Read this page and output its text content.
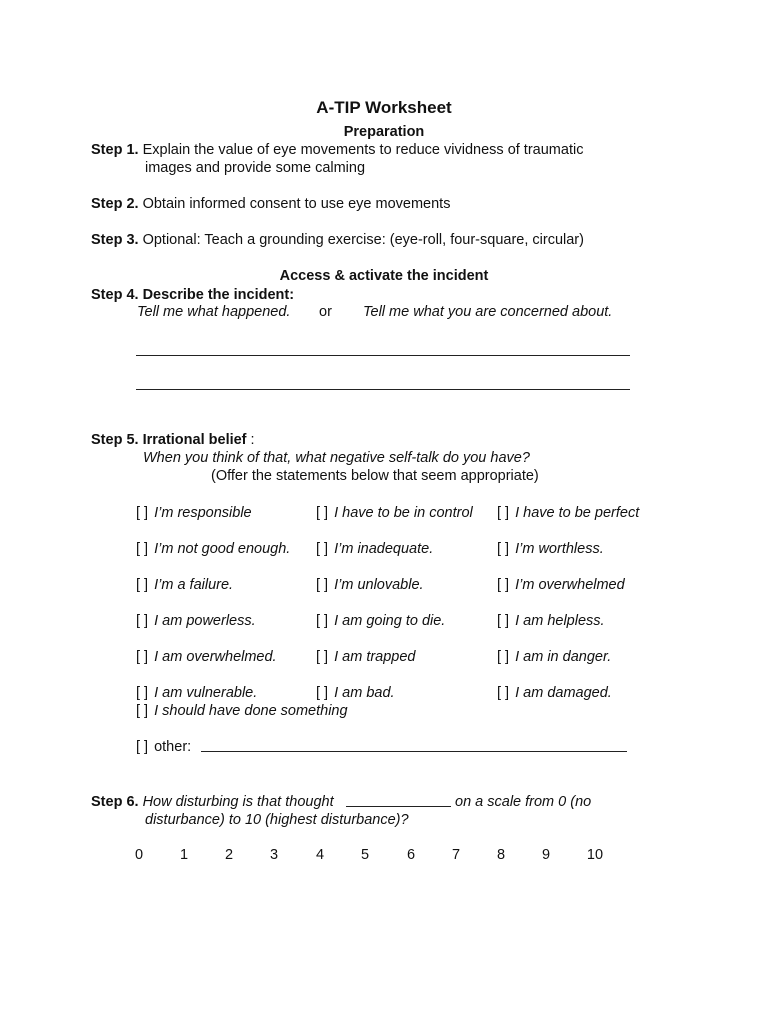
A-TIP Worksheet
Preparation
Step 1. Explain the value of eye movements to reduce vividness of traumatic
images and provide some calming
Step 2. Obtain informed consent to use eye movements
Step 3. Optional: Teach a grounding exercise: (eye-roll, four-square, circular)
Access & activate the incident
Step 4. Describe the incident:
Tell me what happened. or Tell me what you are concerned about.
Step 5. Irrational belief :
When you think of that, what negative self-talk do you have?
(Offer the statements below that seem appropriate)
[ ] I’m responsible	[ ] I have to be in control [ ] I have to be perfect
[ ] I’m not good enough. [ ] I’m inadequate.	[ ] I’m worthless.
[ ] I’m a failure.	[ ] I’m unlovable.	[ ] I’m overwhelmed
[ ] I am powerless.	[ ] I am going to die.	[ ] I am helpless.
[ ] I am overwhelmed.	[ ] I am trapped	[ ] I am in danger.
[ ] I am vulnerable.	[ ] I am bad.	[ ] I am damaged.
[ ] I should have done something
[ ] other:
Step 6. How disturbing is that thought	on a scale from 0 (no
disturbance) to 10 (highest disturbance)?
0	1	2	3	4	5	6	7	8	9	10
